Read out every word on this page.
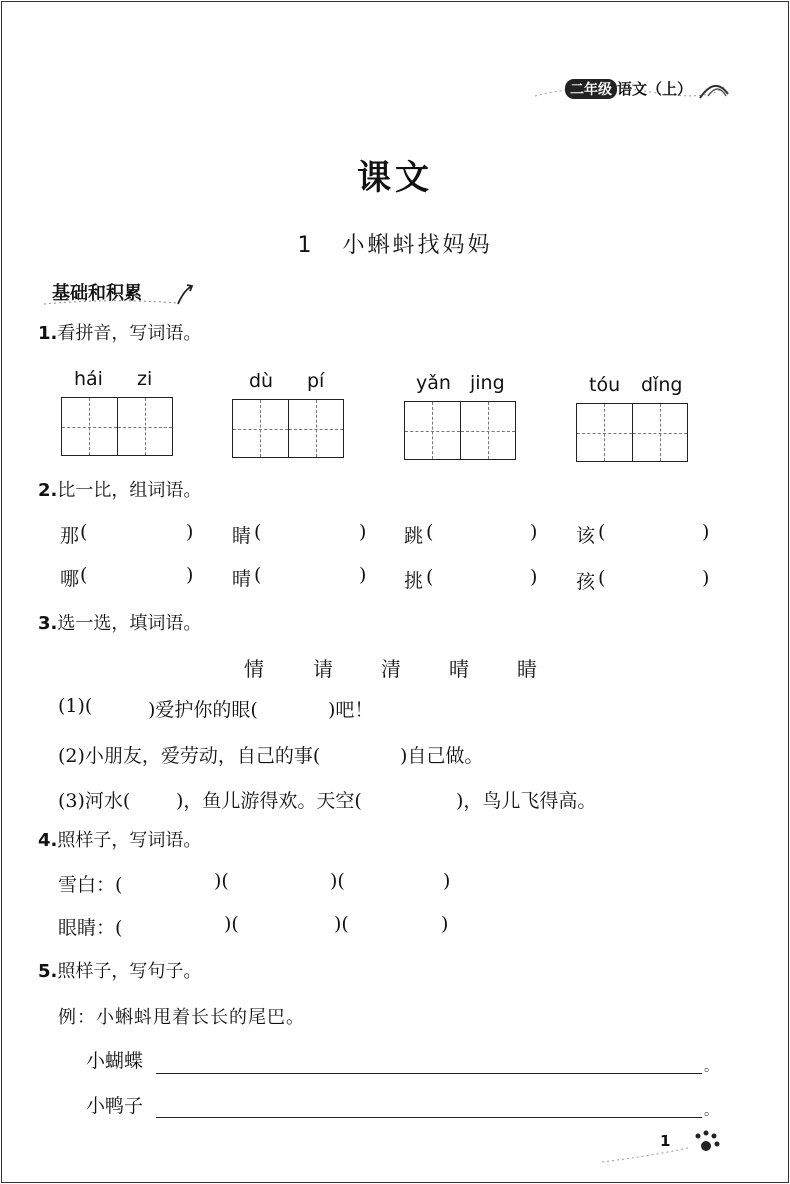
二年级 语文（上）
课文
1 小蝌蚪找妈妈
基础和积累
1.看拼音，写词语。
hái zi	dù pí	yǎn jing	tóu dǐng
2.比一比，组词语。
那 (	) 睛 (	) 跳 (	) 该 (	)
哪 (	) 晴 (	) 挑 (	) 孩 (	)
3.选一选，填词语。
情 请 清 晴 睛
(1)(	)爱护你的眼(	)吧！
(2)小朋友，爱劳动，自己的事(	)自己做。
(3)河水( )，鱼儿游得欢。天空(	)，鸟儿飞得高。
4.照样子，写词语。
雪白：(	)(	)(	)
眼睛：(	)(	)(	)
5.照样子，写句子。
例：小蝌蚪甩着长长的尾巴。
小蝴蝶	。
小鸭子	。
1
